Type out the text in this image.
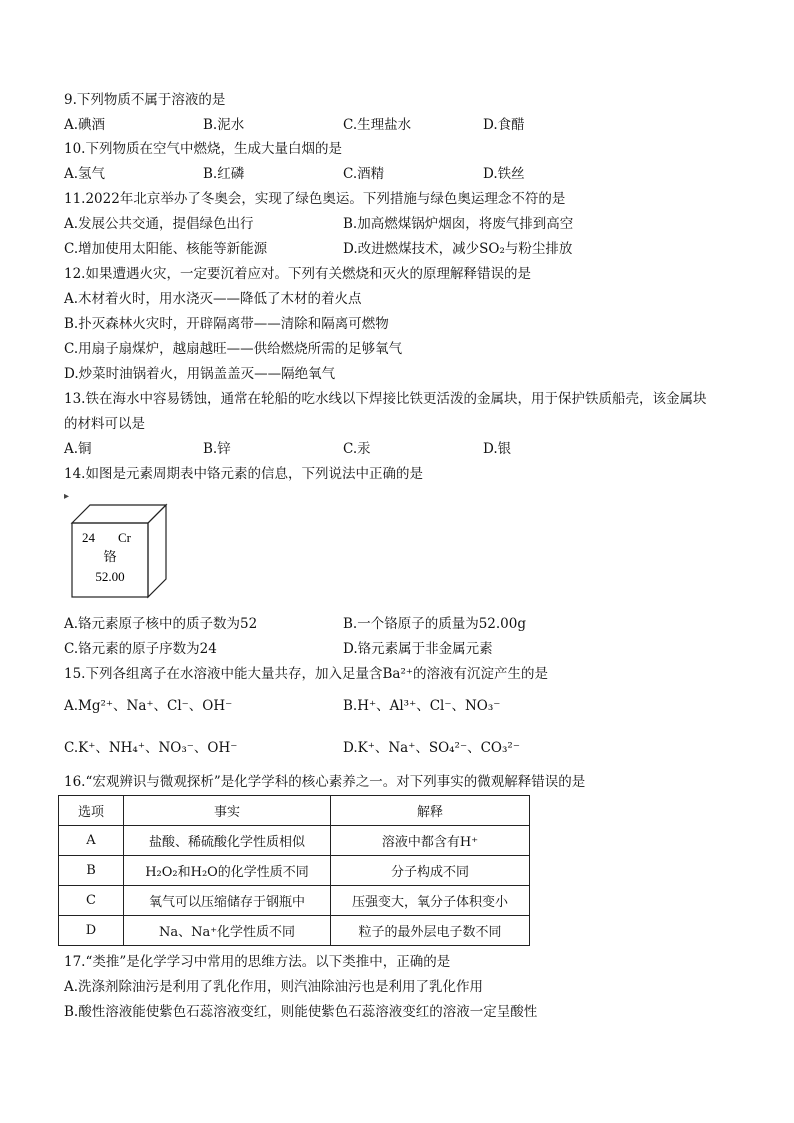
9.下列物质不属于溶液的是
A.碘酒	B.泥水	C.生理盐水	D.食醋
10.下列物质在空气中燃烧，生成大量白烟的是
A.氢气	B.红磷	C.酒精	D.铁丝
11.2022年北京举办了冬奥会，实现了绿色奥运。下列措施与绿色奥运理念不符的是
A.发展公共交通，提倡绿色出行	B.加高燃煤锅炉烟囱，将废气排到高空
C.增加使用太阳能、核能等新能源	D.改进燃煤技术，减少SO₂与粉尘排放
12.如果遭遇火灾，一定要沉着应对。下列有关燃烧和灭火的原理解释错误的是
A.木材着火时，用水浇灭——降低了木材的着火点
B.扑灭森林火灾时，开辟隔离带——清除和隔离可燃物
C.用扇子扇煤炉，越扇越旺——供给燃烧所需的足够氧气
D.炒菜时油锅着火，用锅盖盖灭——隔绝氧气
13.铁在海水中容易锈蚀，通常在轮船的吃水线以下焊接比铁更活泼的金属块，用于保护铁质船壳，该金属块
的材料可以是
A.铜	B.锌	C.汞	D.银
14.如图是元素周期表中铬元素的信息，下列说法中正确的是
▸
24 Cr
铬
52.00
A.铬元素原子核中的质子数为52	B.一个铬原子的质量为52.00g
C.铬元素的原子序数为24	D.铬元素属于非金属元素
15.下列各组离子在水溶液中能大量共存，加入足量含Ba²⁺的溶液有沉淀产生的是
A.Mg²⁺、Na⁺、Cl⁻、OH⁻	B.H⁺、Al³⁺、Cl⁻、NO₃⁻
C.K⁺、NH₄⁺、NO₃⁻、OH⁻	D.K⁺、Na⁺、SO₄²⁻、CO₃²⁻
16.“宏观辨识与微观探析”是化学学科的核心素养之一。对下列事实的微观解释错误的是
选项	事实	解释
A	盐酸、稀硫酸化学性质相似	溶液中都含有H⁺
B	H₂O₂和H₂O的化学性质不同	分子构成不同
C	氧气可以压缩储存于钢瓶中	压强变大，氧分子体积变小
D	Na、Na⁺化学性质不同	粒子的最外层电子数不同
17.“类推”是化学学习中常用的思维方法。以下类推中，正确的是
A.洗涤剂除油污是利用了乳化作用，则汽油除油污也是利用了乳化作用
B.酸性溶液能使紫色石蕊溶液变红，则能使紫色石蕊溶液变红的溶液一定呈酸性
